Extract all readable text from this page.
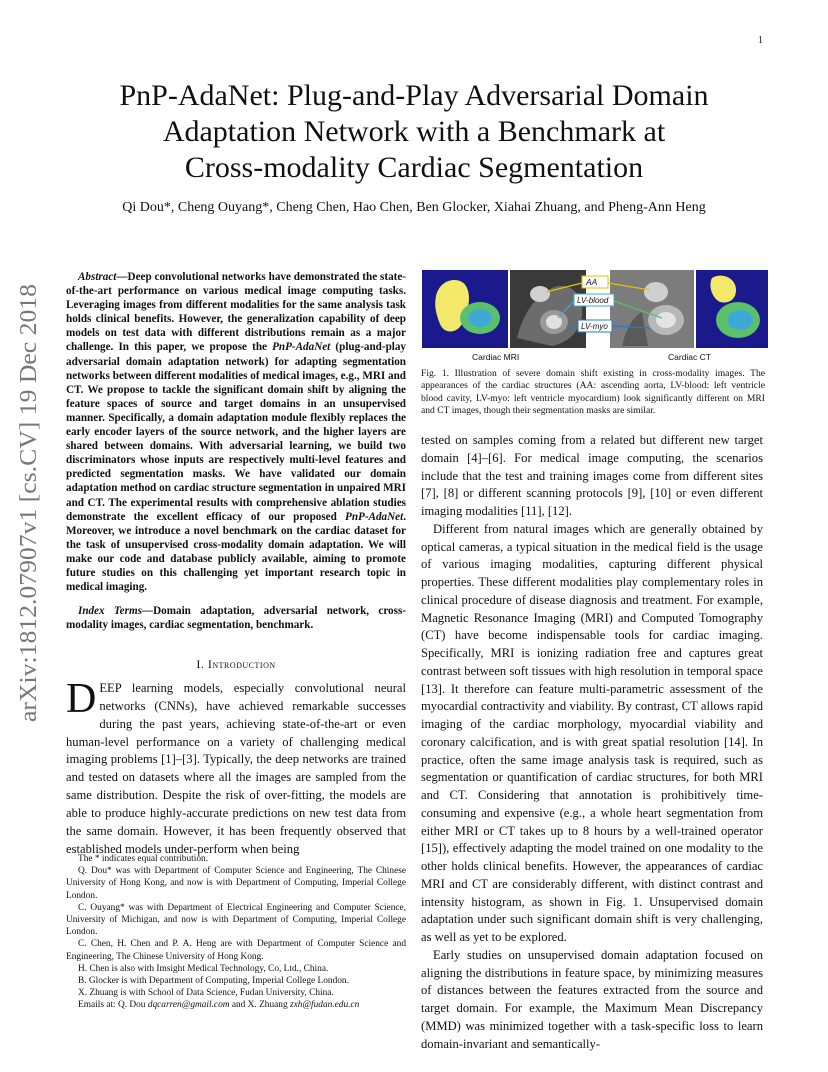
1
arXiv:1812.07907v1 [cs.CV] 19 Dec 2018
PnP-AdaNet: Plug-and-Play Adversarial Domain
Adaptation Network with a Benchmark at
Cross-modality Cardiac Segmentation
Qi Dou*, Cheng Ouyang*, Cheng Chen, Hao Chen, Ben Glocker, Xiahai Zhuang, and Pheng-Ann Heng

Abstract—Deep convolutional networks have demonstrated the state-of-the-art performance on various medical image computing tasks. Leveraging images from different modalities for the same analysis task holds clinical benefits. However, the generalization capability of deep models on test data with different distributions remain as a major challenge. In this paper, we propose the PnP-AdaNet (plug-and-play adversarial domain adaptation network) for adapting segmentation networks between different modalities of medical images, e.g., MRI and CT. We propose to tackle the significant domain shift by aligning the feature spaces of source and target domains in an unsupervised manner. Specifically, a domain adaptation module flexibly replaces the early encoder layers of the source network, and the higher layers are shared between domains. With adversarial learning, we build two discriminators whose inputs are respectively multi-level features and predicted segmentation masks. We have validated our domain adaptation method on cardiac structure segmentation in unpaired MRI and CT. The experimental results with comprehensive ablation studies demonstrate the excellent efficacy of our proposed PnP-AdaNet. Moreover, we introduce a novel benchmark on the cardiac dataset for the task of unsupervised cross-modality domain adaptation. We will make our code and database publicly available, aiming to promote future studies on this challenging yet important research topic in medical imaging.

Index Terms—Domain adaptation, adversarial network, cross-modality images, cardiac segmentation, benchmark.
I. Introduction
DEEP learning models, especially convolutional neural networks (CNNs), have achieved remarkable successes during the past years, achieving state-of-the-art or even human-level performance on a variety of challenging medical imaging problems [1]–[3]. Typically, the deep networks are trained and tested on datasets where all the images are sampled from the same distribution. Despite the risk of over-fitting, the models are able to produce highly-accurate predictions on new test data from the same domain. However, it has been frequently observed that established models under-perform when being

The * indicates equal contribution.

Q. Dou* was with Department of Computer Science and Engineering, The Chinese University of Hong Kong, and now is with Department of Computing, Imperial College London.

C. Ouyang* was with Department of Electrical Engineering and Computer Science, University of Michigan, and now is with Department of Computing, Imperial College London.

C. Chen, H. Chen and P. A. Heng are with Department of Computer Science and Engineering, The Chinese University of Hong Kong.

H. Chen is also with Imsight Medical Technology, Co, Ltd., China.

B. Glocker is with Department of Computing, Imperial College London.

X. Zhuang is with School of Data Science, Fudan University, China.

Emails at: Q. Dou dqcarren@gmail.com and X. Zhuang zxh@fudan.edu.cn

AA
LV-blood
LV-myo
Cardiac MRI	Cardiac CT
Fig. 1. Illustration of severe domain shift existing in cross-modality images. The appearances of the cardiac structures (AA: ascending aorta, LV-blood: left ventricle blood cavity, LV-myo: left ventricle myocardium) look significantly different on MRI and CT images, though their segmentation masks are similar.

tested on samples coming from a related but different new target domain [4]–[6]. For medical image computing, the scenarios include that the test and training images come from different sites [7], [8] or different scanning protocols [9], [10] or even different imaging modalities [11], [12].

Different from natural images which are generally obtained by optical cameras, a typical situation in the medical field is the usage of various imaging modalities, capturing different physical properties. These different modalities play complementary roles in clinical procedure of disease diagnosis and treatment. For example, Magnetic Resonance Imaging (MRI) and Computed Tomography (CT) have become indispensable tools for cardiac imaging. Specifically, MRI is ionizing radiation free and captures great contrast between soft tissues with high resolution in temporal space [13]. It therefore can feature multi-parametric assessment of the myocardial contractivity and viability. By contrast, CT allows rapid imaging of the cardiac morphology, myocardial viability and coronary calcification, and is with great spatial resolution [14]. In practice, often the same image analysis task is required, such as segmentation or quantification of cardiac structures, for both MRI and CT. Considering that annotation is prohibitively time-consuming and expensive (e.g., a whole heart segmentation from either MRI or CT takes up to 8 hours by a well-trained operator [15]), effectively adapting the model trained on one modality to the other holds clinical benefits. However, the appearances of cardiac MRI and CT are considerably different, with distinct contrast and intensity histogram, as shown in Fig. 1. Unsupervised domain adaptation under such significant domain shift is very challenging, as well as yet to be explored.

Early studies on unsupervised domain adaptation focused on aligning the distributions in feature space, by minimizing measures of distances between the features extracted from the source and target domain. For example, the Maximum Mean Discrepancy (MMD) was minimized together with a task-specific loss to learn domain-invariant and semantically-
